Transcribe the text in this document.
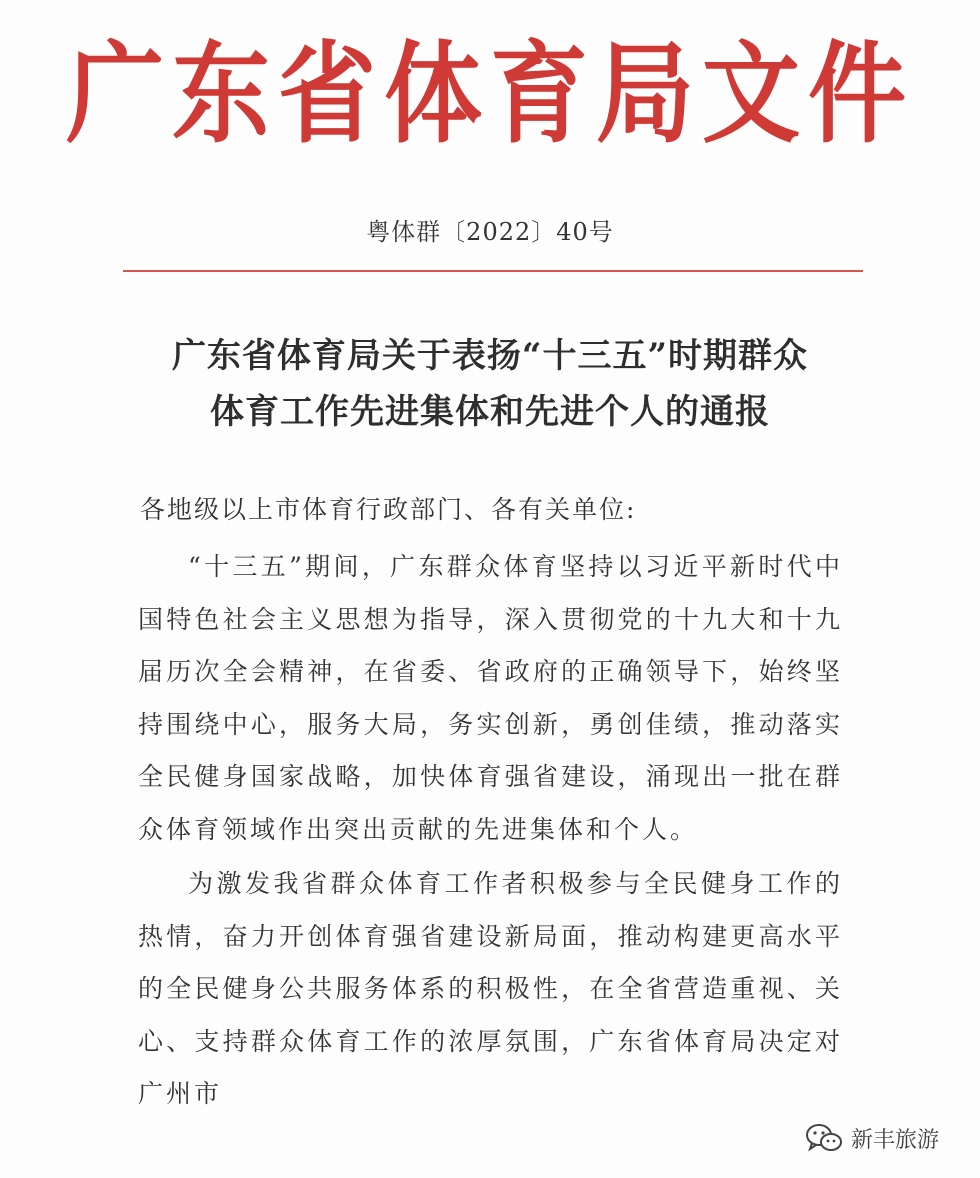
广东省体育局文件
粤体群〔2022〕40号
广东省体育局关于表扬“十三五”时期群众
体育工作先进集体和先进个人的通报
各地级以上市体育行政部门、各有关单位:

“十三五”期间，广东群众体育坚持以习近平新时代中国特色社会主义思想为指导，深入贯彻党的十九大和十九届历次全会精神，在省委、省政府的正确领导下，始终坚持围绕中心，服务大局，务实创新，勇创佳绩，推动落实全民健身国家战略，加快体育强省建设，涌现出一批在群众体育领域作出突出贡献的先进集体和个人。

为激发我省群众体育工作者积极参与全民健身工作的热情，奋力开创体育强省建设新局面，推动构建更高水平的全民健身公共服务体系的积极性，在全省营造重视、关心、支持群众体育工作的浓厚氛围，广东省体育局决定对广州市

新丰旅游
